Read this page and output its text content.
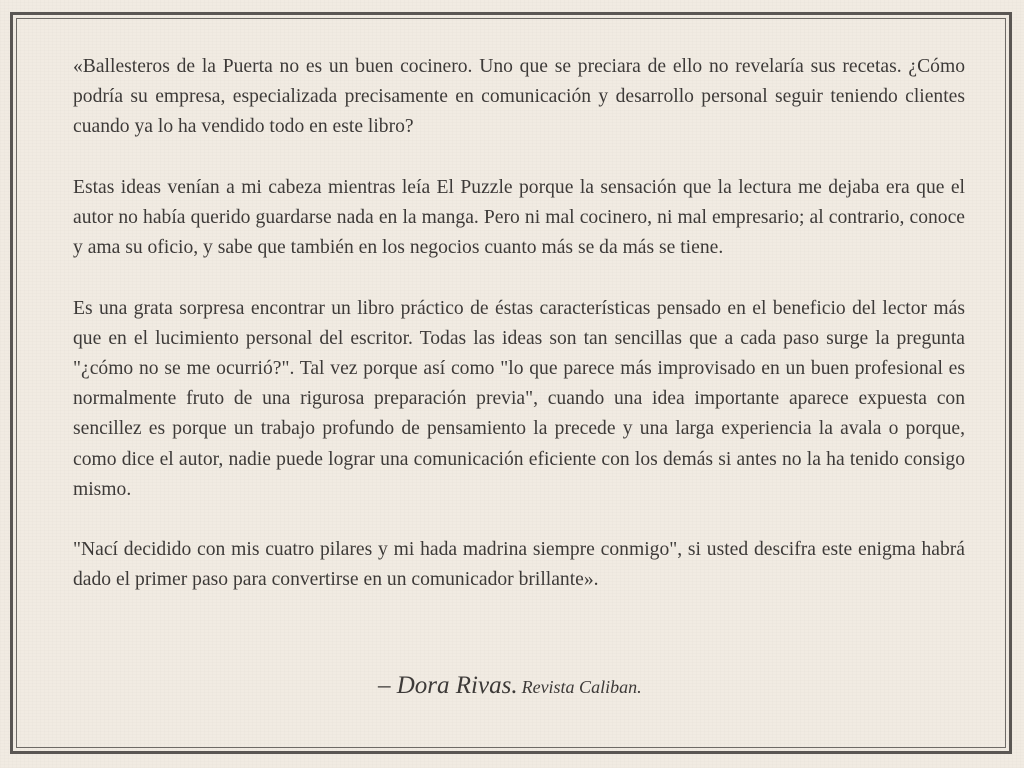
«Ballesteros de la Puerta no es un buen cocinero. Uno que se preciara de ello no revelaría sus recetas. ¿Cómo podría su empresa, especializada precisamente en comunicación y desarrollo personal seguir teniendo clientes cuando ya lo ha vendido todo en este libro?

Estas ideas venían a mi cabeza mientras leía El Puzzle porque la sensación que la lectura me dejaba era que el autor no había querido guardarse nada en la manga. Pero ni mal cocinero, ni mal empresario; al contrario, conoce y ama su oficio, y sabe que también en los negocios cuanto más se da más se tiene.

Es una grata sorpresa encontrar un libro práctico de éstas características pensado en el beneficio del lector más que en el lucimiento personal del escritor. Todas las ideas son tan sencillas que a cada paso surge la pregunta "¿cómo no se me ocurrió?". Tal vez porque así como "lo que parece más improvisado en un buen profesional es normalmente fruto de una rigurosa preparación previa", cuando una idea importante aparece expuesta con sencillez es porque un trabajo profundo de pensamiento la precede y una larga experiencia la avala o porque, como dice el autor, nadie puede lograr una comunicación eficiente con los demás si antes no la ha tenido consigo mismo.

"Nací decidido con mis cuatro pilares y mi hada madrina siempre conmigo", si usted descifra este enigma habrá dado el primer paso para convertirse en un comunicador brillante».

– Dora Rivas. Revista Caliban.
